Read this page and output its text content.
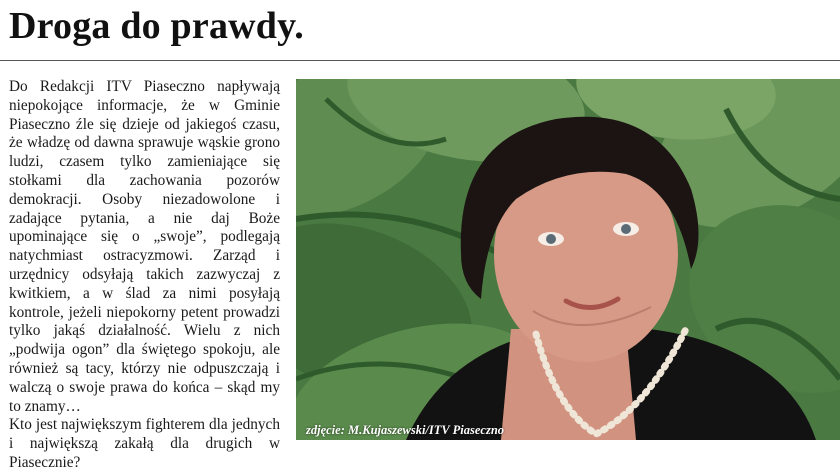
Droga do prawdy.

Do Redakcji ITV Piaseczno napływają niepokojące informacje, że w Gminie Piaseczno źle się dzieje od jakiegoś czasu, że władzę od dawna sprawuje wąskie grono ludzi, czasem tylko zamieniające się stołkami dla zachowania pozorów demokracji. Osoby niezadowolone i zadające pytania, a nie daj Boże upominające się o „swoje”, podlegają natychmiast ostracyzmowi. Zarząd i urzędnicy odsyłają takich zazwyczaj z kwitkiem, a w ślad za nimi posyłają kontrole, jeżeli niepokorny petent prowadzi tylko jakąś działalność. Wielu z nich „podwija ogon” dla świętego spokoju, ale również są tacy, którzy nie odpuszczają i walczą o swoje prawa do końca – skąd my to znamy…

Kto jest największym fighterem dla jednych i największą zakałą dla drugich w Piasecznie?

zdjęcie: M.Kujaszewski/ITV Piaseczno
